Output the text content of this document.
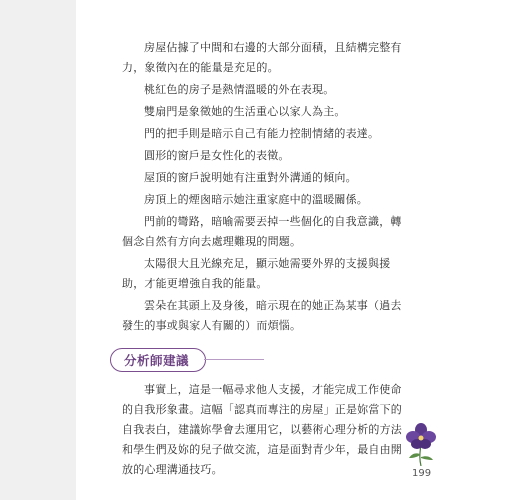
房屋佔據了中間和右邊的大部分面積，且結構完整有力，象徵內在的能量是充足的。

桃紅色的房子是熱情溫暖的外在表現。

雙扇門是象徵她的生活重心以家人為主。

門的把手則是暗示自己有能力控制情緒的表達。

圓形的窗戶是女性化的表徵。

屋頂的窗戶說明她有注重對外溝通的傾向。

房頂上的煙囪暗示她注重家庭中的溫暖關係。

門前的彎路，暗喻需要丟掉一些個化的自我意識，轉個念自然有方向去處理難現的問題。

太陽很大且光線充足，顯示她需要外界的支援與援助，才能更增強自我的能量。

雲朵在其頭上及身後，暗示現在的她正為某事（過去發生的事或與家人有關的）而煩惱。

分析師建議

事實上，這是一幅尋求他人支援，才能完成工作使命的自我形象畫。這幅「認真而專注的房屋」正是妳當下的自我表白，建議妳學會去運用它，以藝術心理分析的方法和學生們及妳的兒子做交流，這是面對青少年，最自由開放的心理溝通技巧。	199
